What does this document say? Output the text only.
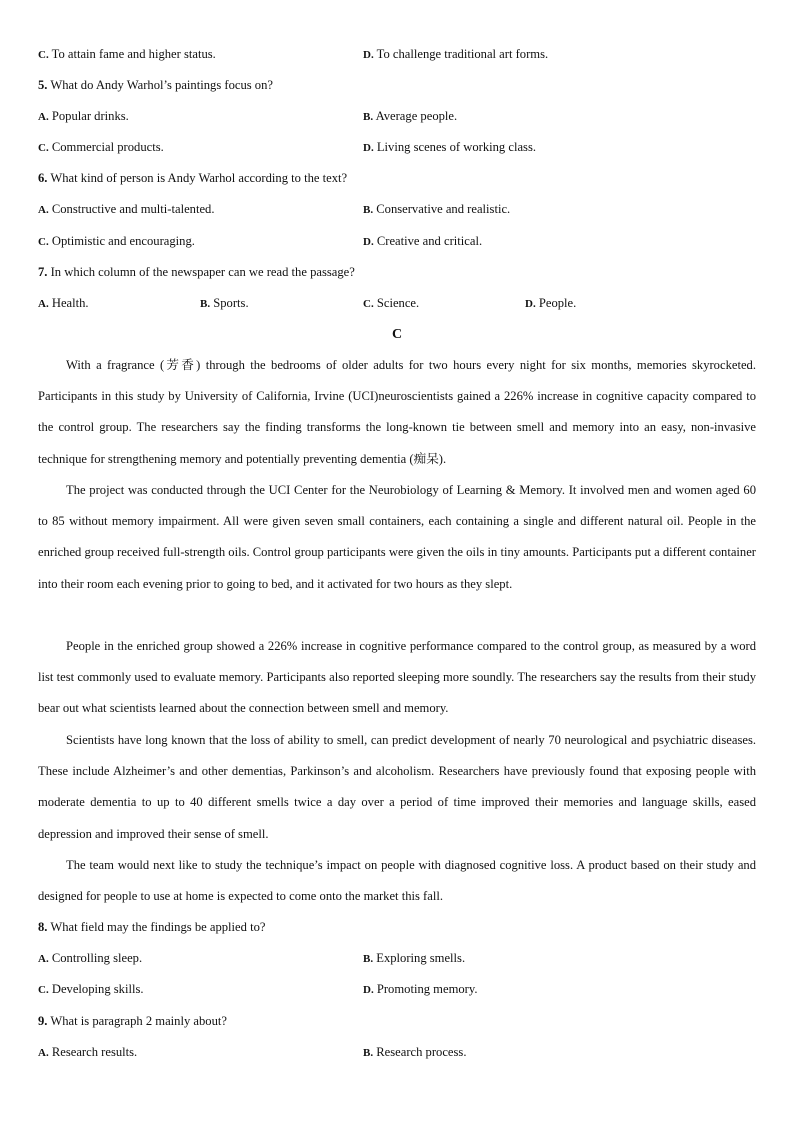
C. To attain fame and higher status.	D. To challenge traditional art forms.
5. What do Andy Warhol’s paintings focus on?
A. Popular drinks.	B. Average people.
C. Commercial products.	D. Living scenes of working class.
6. What kind of person is Andy Warhol according to the text?
A. Constructive and multi-talented.	B. Conservative and realistic.
C. Optimistic and encouraging.	D. Creative and critical.
7. In which column of the newspaper can we read the passage?
A. Health.	B. Sports.	C. Science.	D. People.
C

With a fragrance (芳香) through the bedrooms of older adults for two hours every night for six months, memories skyrocketed. Participants in this study by University of California, Irvine (UCI)neuroscientists gained a 226% increase in cognitive capacity compared to the control group. The researchers say the finding transforms the long-known tie between smell and memory into an easy, non-invasive technique for strengthening memory and potentially preventing dementia (痴呆).

The project was conducted through the UCI Center for the Neurobiology of Learning & Memory. It involved men and women aged 60 to 85 without memory impairment. All were given seven small containers, each containing a single and different natural oil. People in the enriched group received full-strength oils. Control group participants were given the oils in tiny amounts. Participants put a different container into their room each evening prior to going to bed, and it activated for two hours as they slept.

People in the enriched group showed a 226% increase in cognitive performance compared to the control group, as measured by a word list test commonly used to evaluate memory. Participants also reported sleeping more soundly. The researchers say the results from their study bear out what scientists learned about the connection between smell and memory.

Scientists have long known that the loss of ability to smell, can predict development of nearly 70 neurological and psychiatric diseases. These include Alzheimer’s and other dementias, Parkinson’s and alcoholism. Researchers have previously found that exposing people with moderate dementia to up to 40 different smells twice a day over a period of time improved their memories and language skills, eased depression and improved their sense of smell.

The team would next like to study the technique’s impact on people with diagnosed cognitive loss. A product based on their study and designed for people to use at home is expected to come onto the market this fall.

8. What field may the findings be applied to?
A. Controlling sleep.	B. Exploring smells.
C. Developing skills.	D. Promoting memory.
9. What is paragraph 2 mainly about?
A. Research results.	B. Research process.
